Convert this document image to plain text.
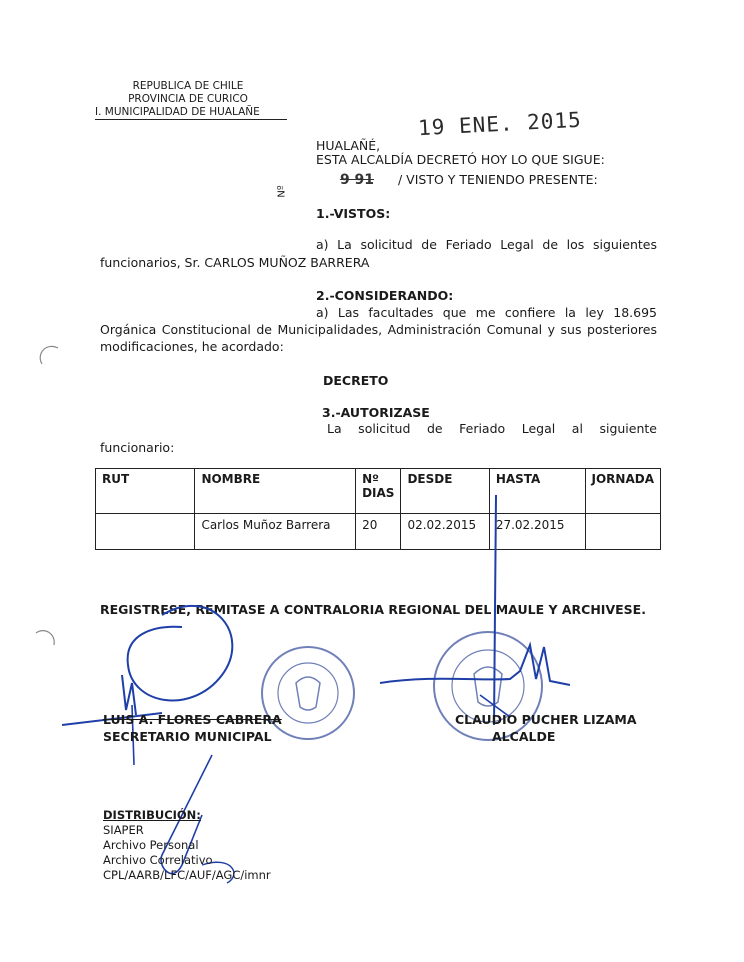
REPUBLICA DE CHILE
PROVINCIA DE CURICO
I. MUNICIPALIDAD DE HUALAÑE	19 ENE. 2015
HUALAÑÉ,
ESTA ALCALDÍA DECRETÓ HOY LO QUE SIGUE:
Nº
9 91 / VISTO Y TENIENDO PRESENTE:
1.-VISTOS:
a) La solicitud de Feriado Legal de los siguientes funcionarios, Sr. CARLOS MUÑOZ BARRERA
2.-CONSIDERANDO:
a) Las facultades que me confiere la ley 18.695 Orgánica Constitucional de Municipalidades, Administración Comunal y sus posteriores modificaciones, he acordado:
DECRETO
3.-AUTORIZASE
La solicitud de Feriado Legal al siguiente
funcionario:
RUT	NOMBRE	Nº DIAS	DESDE	HASTA	JORNADA
	Carlos Muñoz Barrera	20	02.02.2015	27.02.2015	
REGISTRESE, REMITASE A CONTRALORIA REGIONAL DEL MAULE Y ARCHIVESE.
LUIS A. FLORES CABRERA
SECRETARIO MUNICIPAL
CLAUDIO PUCHER LIZAMA
ALCALDE
DISTRIBUCIÓN:
SIAPER
Archivo Personal
Archivo Correlativo
CPL/AARB/LFC/AUF/AGC/imnr
